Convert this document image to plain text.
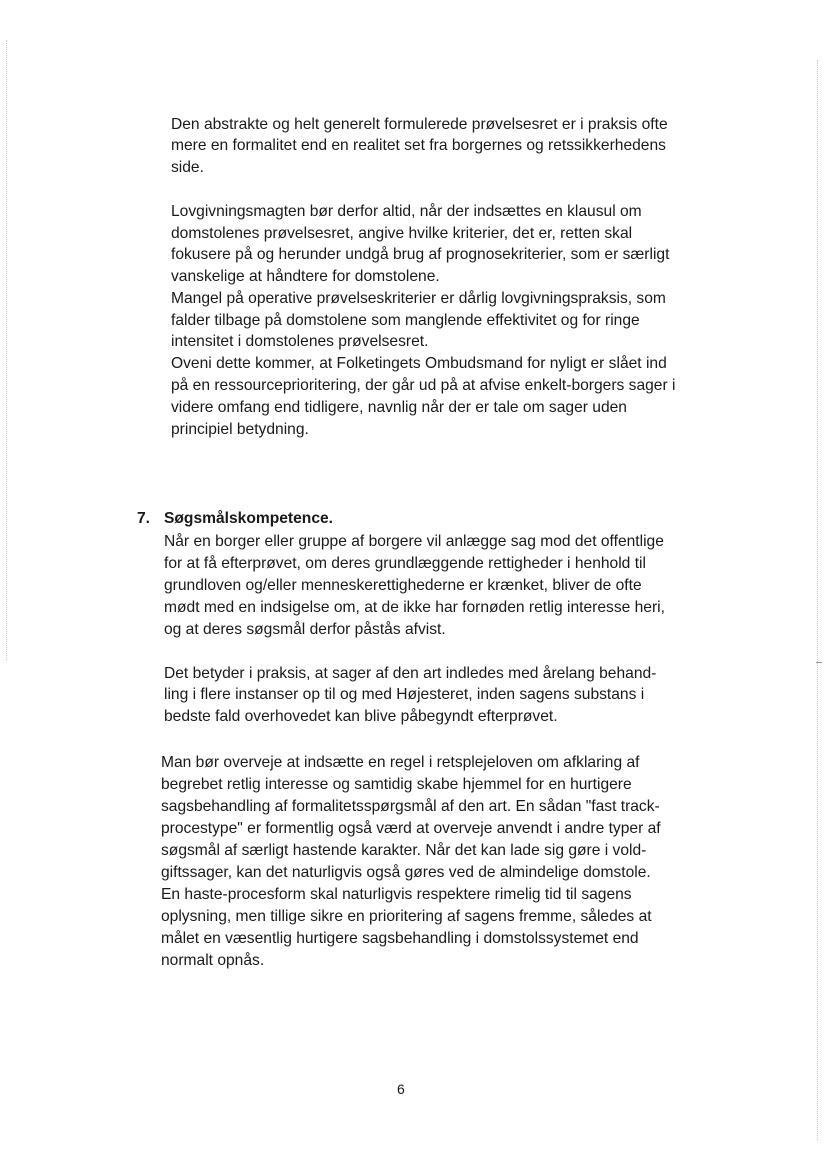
Den abstrakte og helt generelt formulerede prøvelsesret er i praksis ofte
mere en formalitet end en realitet set fra borgernes og retssikkerhedens
side.
Lovgivningsmagten bør derfor altid, når der indsættes en klausul om
domstolenes prøvelsesret, angive hvilke kriterier, det er, retten skal
fokusere på og herunder undgå brug af prognosekriterier, som er særligt
vanskelige at håndtere for domstolene.
Mangel på operative prøvelseskriterier er dårlig lovgivningspraksis, som
falder tilbage på domstolene som manglende effektivitet og for ringe
intensitet i domstolenes prøvelsesret.
Oveni dette kommer, at Folketingets Ombudsmand for nyligt er slået ind
på en ressourceprioritering, der går ud på at afvise enkelt-borgers sager i
videre omfang end tidligere, navnlig når der er tale om sager uden
principiel betydning.
7. Søgsmålskompetence.
Når en borger eller gruppe af borgere vil anlægge sag mod det offentlige
for at få efterprøvet, om deres grundlæggende rettigheder i henhold til
grundloven og/eller menneskerettighederne er krænket, bliver de ofte
mødt med en indsigelse om, at de ikke har fornøden retlig interesse heri,
og at deres søgsmål derfor påstås afvist.
Det betyder i praksis, at sager af den art indledes med årelang behand-
ling i flere instanser op til og med Højesteret, inden sagens substans i
bedste fald overhovedet kan blive påbegyndt efterprøvet.
Man bør overveje at indsætte en regel i retsplejeloven om afklaring af
begrebet retlig interesse og samtidig skabe hjemmel for en hurtigere
sagsbehandling af formalitetsspørgsmål af den art. En sådan "fast track-
procestype" er formentlig også værd at overveje anvendt i andre typer af
søgsmål af særligt hastende karakter. Når det kan lade sig gøre i vold-
giftssager, kan det naturligvis også gøres ved de almindelige domstole.
En haste-procesform skal naturligvis respektere rimelig tid til sagens
oplysning, men tillige sikre en prioritering af sagens fremme, således at
målet en væsentlig hurtigere sagsbehandling i domstolssystemet end
normalt opnås.
6
